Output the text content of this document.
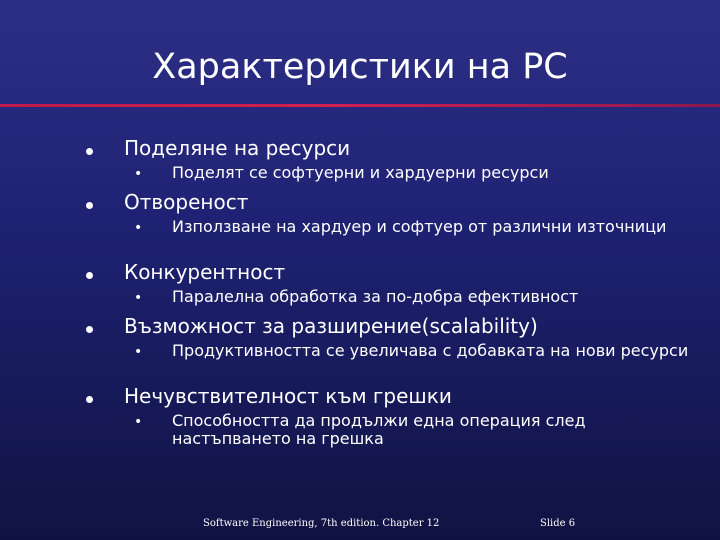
Характеристики на РС
Поделяне на ресурси
• Поделят се софтуерни и хардуерни ресурси
Отвореност
• Използване на хардуер и софтуер от различни източници
Конкурентност
• Паралелна обработка за по-добра ефективност
Възможност за разширение(scalability)
• Продуктивността се увеличава с добавката на нови ресурси
Нечувствителност към грешки
• Способността да продължи една операция след настъпването на грешка
Software Engineering, 7th edition. Chapter 12	Slide 6
